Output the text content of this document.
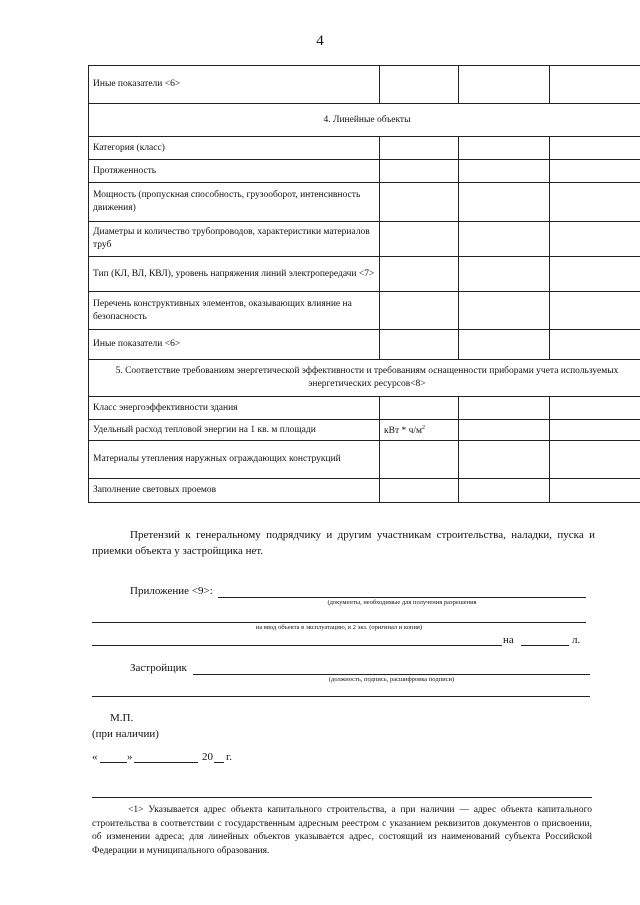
4
Иные показатели <6>			
4. Линейные объекты			
Категория (класс)			
Протяженность			
Мощность (пропускная способность, грузооборот, интенсивность движения)			
Диаметры и количество трубопроводов, характеристики материалов труб			
Тип (КЛ, ВЛ, КВЛ), уровень напряжения линий электропередачи <7>			
Перечень конструктивных элементов, оказывающих влияние на безопасность			
Иные показатели <6>			
5. Соответствие требованиям энергетической эффективности и требованиям оснащенности приборами учета используемых энергетических ресурсов<8>			
Класс энергоэффективности здания			
Удельный расход тепловой энергии на 1 кв. м площади	кВт * $ч/м^2$		
Материалы утепления наружных ограждающих конструкций			
Заполнение световых проемов			
Претензий к генеральному подрядчику и другим участникам строительства, наладки, пуска и приемки объекта у застройщика нет.
Приложение <9>:
(документы, необходимые для получения разрешения
на ввод объекта в эксплуатацию, в 2 экз. (оригинал и копия)
на	л.
Застройщик
(должность, подпись, расшифровка подписи)
М.П.
(при наличии)
«	»	20 г.
<1> Указывается адрес объекта капитального строительства, а при наличии — адрес объекта капитального строительства в соответствии с государственным адресным реестром с указанием реквизитов документов о присвоении, об изменении адреса; для линейных объектов указывается адрес, состоящий из наименований субъекта Российской Федерации и муниципального образования.
